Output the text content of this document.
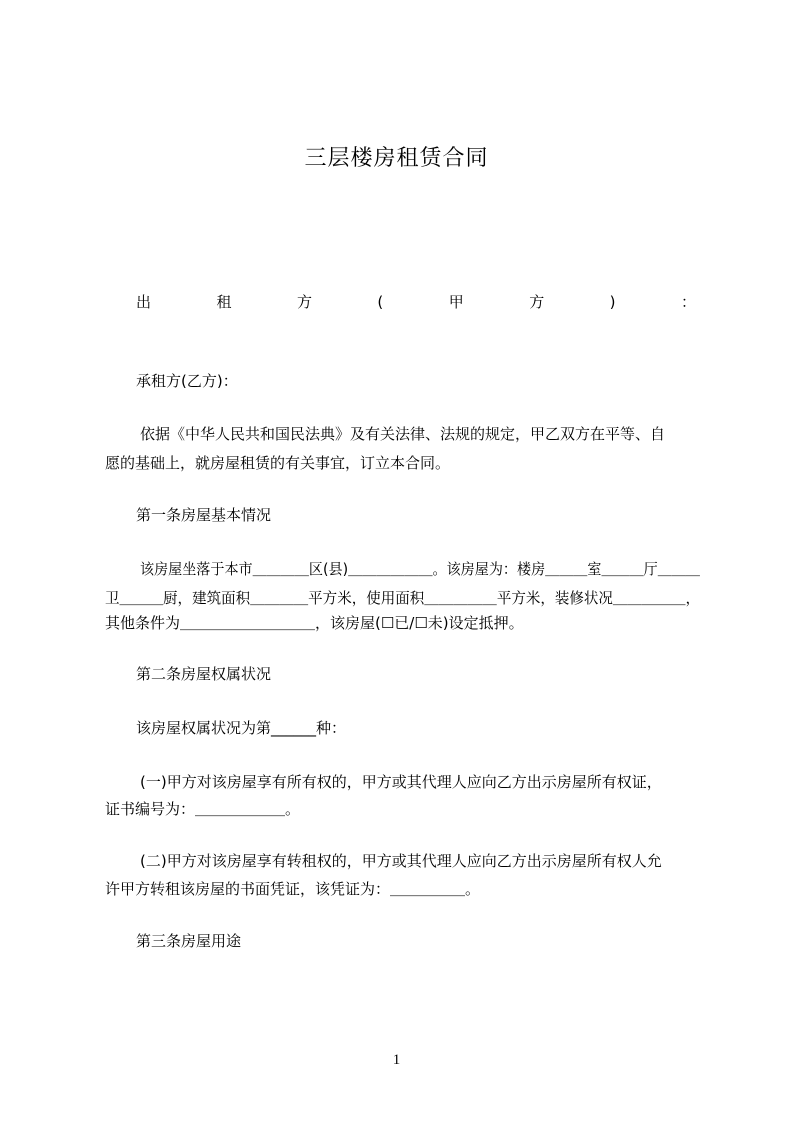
三层楼房租赁合同
出	租	方	(	甲	方	)	：
承租方(乙方)：
依据《中华人民共和国民法典》及有关法律、法规的规定，甲乙双方在平等、自
愿的基础上，就房屋租赁的有关事宜，订立本合同。
第一条房屋基本情况
该房屋坐落于本市＿＿＿＿区(县)＿＿＿＿＿＿。该房屋为：楼房＿＿＿室＿＿＿厅＿＿＿
卫＿＿＿厨，建筑面积＿＿＿＿平方米，使用面积＿＿＿＿＿平方米，装修状况＿＿＿＿＿，
其他条件为＿＿＿＿＿＿＿＿＿，该房屋(☐已/☐未)设定抵押。
第二条房屋权属状况
该房屋权属状况为第______种：
(一)甲方对该房屋享有所有权的，甲方或其代理人应向乙方出示房屋所有权证，
证书编号为：＿＿＿＿＿＿。
(二)甲方对该房屋享有转租权的，甲方或其代理人应向乙方出示房屋所有权人允
许甲方转租该房屋的书面凭证，该凭证为：＿＿＿＿＿。
第三条房屋用途
1
